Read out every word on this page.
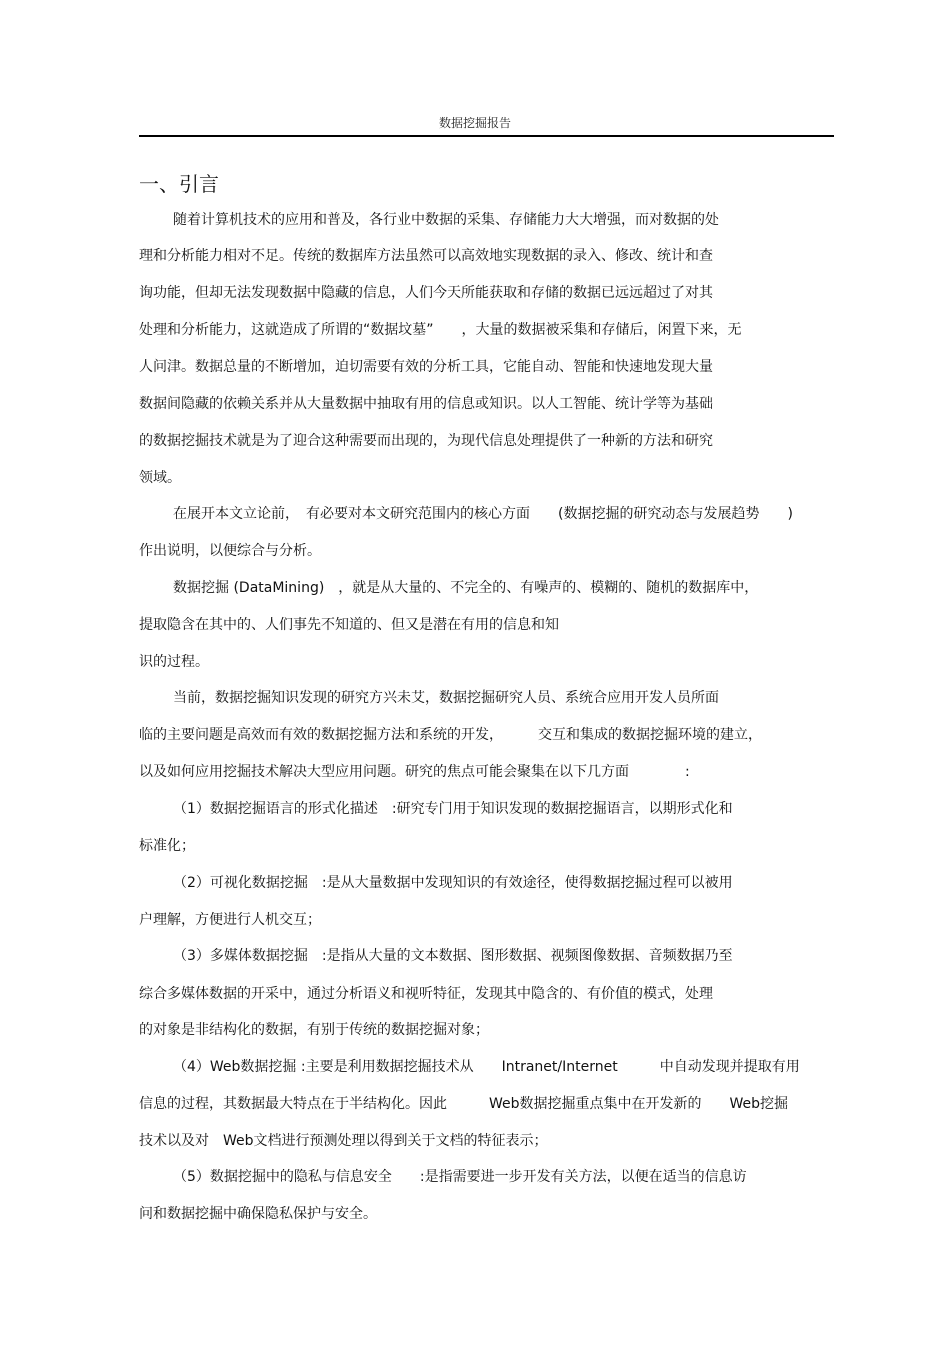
数据挖掘报告
一、引言
随着计算机技术的应用和普及，各行业中数据的采集、存储能力大大增强，而对数据的处
理和分析能力相对不足。传统的数据库方法虽然可以高效地实现数据的录入、修改、统计和查
询功能，但却无法发现数据中隐藏的信息，人们今天所能获取和存储的数据已远远超过了对其
处理和分析能力，这就造成了所谓的“数据坟墓”　　，大量的数据被采集和存储后，闲置下来，无
人问津。数据总量的不断增加，迫切需要有效的分析工具，它能自动、智能和快速地发现大量
数据间隐藏的依赖关系并从大量数据中抽取有用的信息或知识。以人工智能、统计学等为基础
的数据挖掘技术就是为了迎合这种需要而出现的，为现代信息处理提供了一种新的方法和研究
领域。
在展开本文立论前，　有必要对本文研究范围内的核心方面　　(数据挖掘的研究动态与发展趋势　　)
作出说明，以便综合与分析。
数据挖掘 (DataMining)　，就是从大量的、不完全的、有噪声的、模糊的、随机的数据库中，
提取隐含在其中的、人们事先不知道的、但又是潜在有用的信息和知
识的过程。
当前，数据挖掘知识发现的研究方兴未艾，数据挖掘研究人员、系统合应用开发人员所面
临的主要问题是高效而有效的数据挖掘方法和系统的开发，　　　交互和集成的数据挖掘环境的建立，
以及如何应用挖掘技术解决大型应用问题。研究的焦点可能会聚集在以下几方面　　　　:
（1）数据挖掘语言的形式化描述　:研究专门用于知识发现的数据挖掘语言，以期形式化和
标准化；
（2）可视化数据挖掘　:是从大量数据中发现知识的有效途径，使得数据挖掘过程可以被用
户理解，方便进行人机交互；
（3）多媒体数据挖掘　:是指从大量的文本数据、图形数据、视频图像数据、音频数据乃至
综合多媒体数据的开采中，通过分析语义和视听特征，发现其中隐含的、有价值的模式，处理
的对象是非结构化的数据，有别于传统的数据挖掘对象；
（4）Web数据挖掘 :主要是利用数据挖掘技术从　　Intranet/Internet　　　中自动发现并提取有用
信息的过程，其数据最大特点在于半结构化。因此　　　Web数据挖掘重点集中在开发新的　　Web挖掘
技术以及对　Web文档进行预测处理以得到关于文档的特征表示；
（5）数据挖掘中的隐私与信息安全　　:是指需要进一步开发有关方法，以便在适当的信息访
问和数据挖掘中确保隐私保护与安全。
